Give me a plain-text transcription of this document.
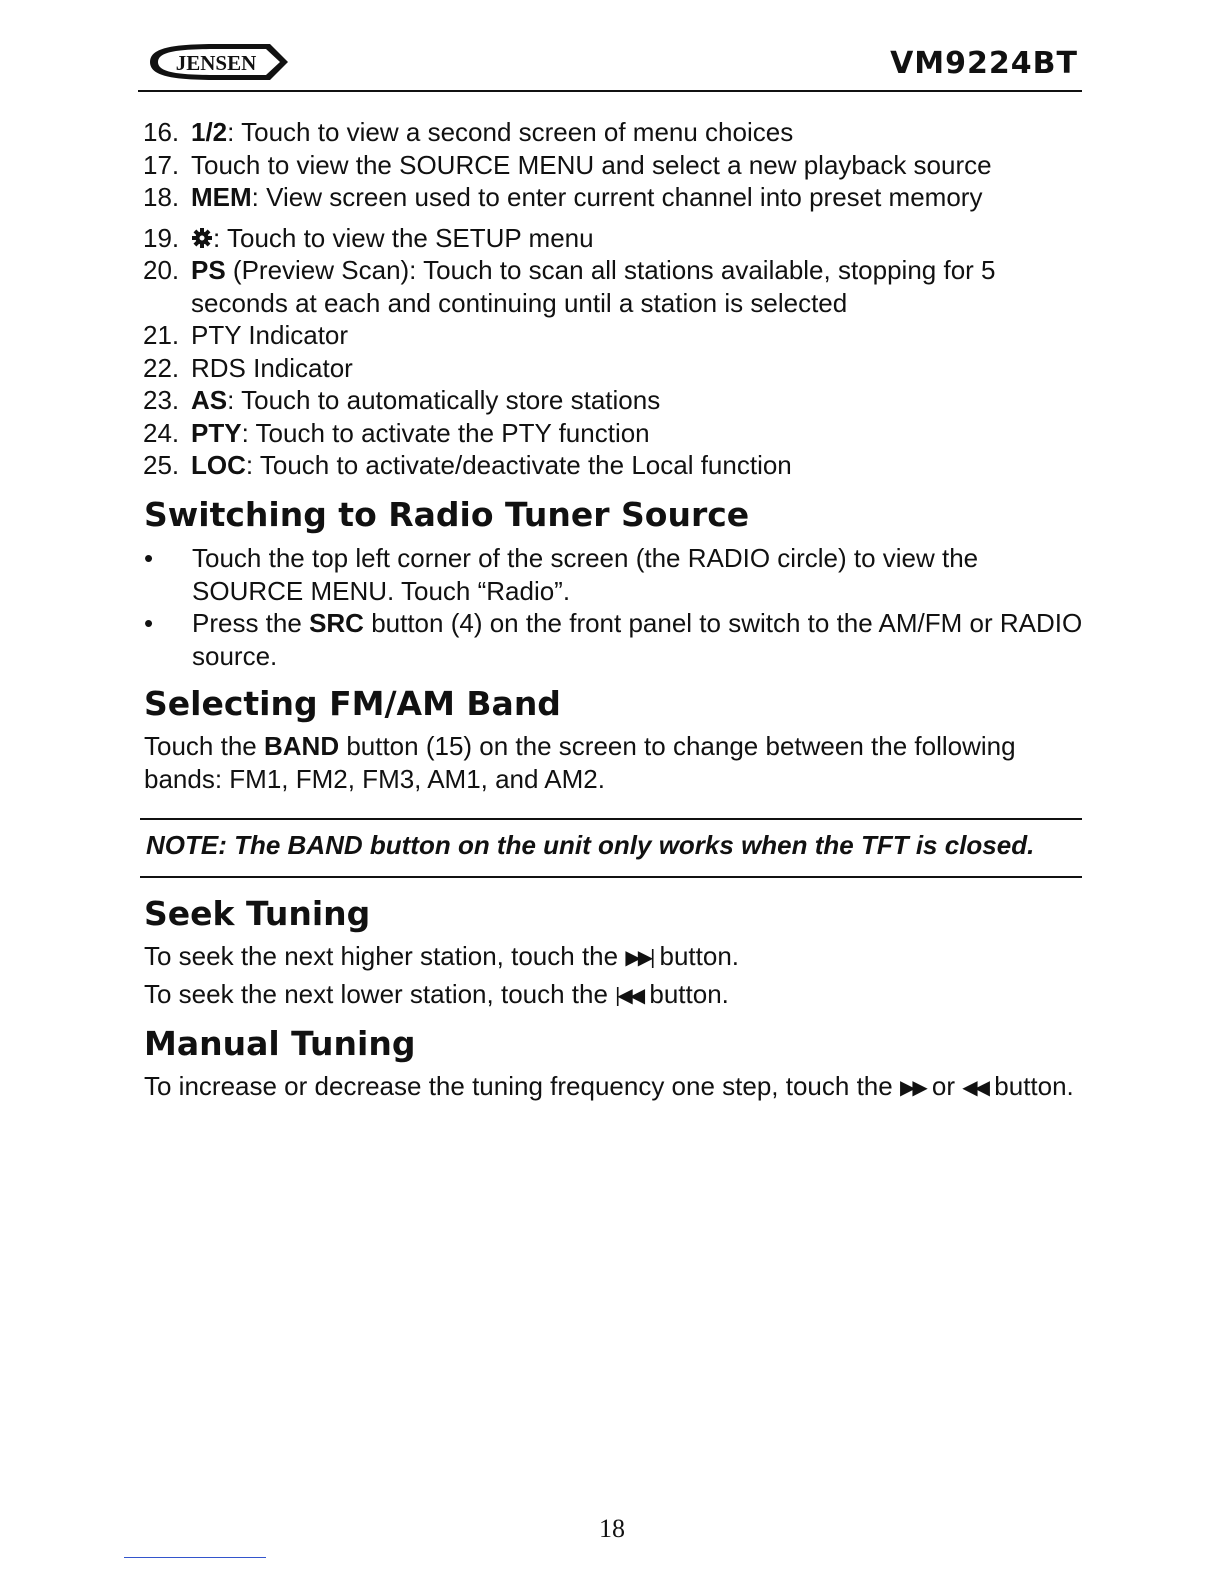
JENSEN	VM9224BT

16. 1/2: Touch to view a second screen of menu choices

17. Touch to view the SOURCE MENU and select a new playback source

18. MEM: View screen used to enter current channel into preset memory

19. : Touch to view the SETUP menu

20. PS (Preview Scan): Touch to scan all stations available, stopping for 5 seconds at each and continuing until a station is selected

21. PTY Indicator

22. RDS Indicator

23. AS: Touch to automatically store stations

24. PTY: Touch to activate the PTY function

25. LOC: Touch to activate/deactivate the Local function

Switching to Radio Tuner Source
• Touch the top left corner of the screen (the RADIO circle) to view the SOURCE MENU. Touch “Radio”.
• Press the SRC button (4) on the front panel to switch to the AM/FM or RADIO source.
Selecting FM/AM Band

Touch the BAND button (15) on the screen to change between the following bands: FM1, FM2, FM3, AM1, and AM2.

NOTE: The BAND button on the unit only works when the TFT is closed.
Seek Tuning

To seek the next higher station, touch the ▶▶| button.

To seek the next lower station, touch the |◀◀ button.

Manual Tuning

To increase or decrease the tuning frequency one step, touch the ▶▶ or ◀◀ button.

18
